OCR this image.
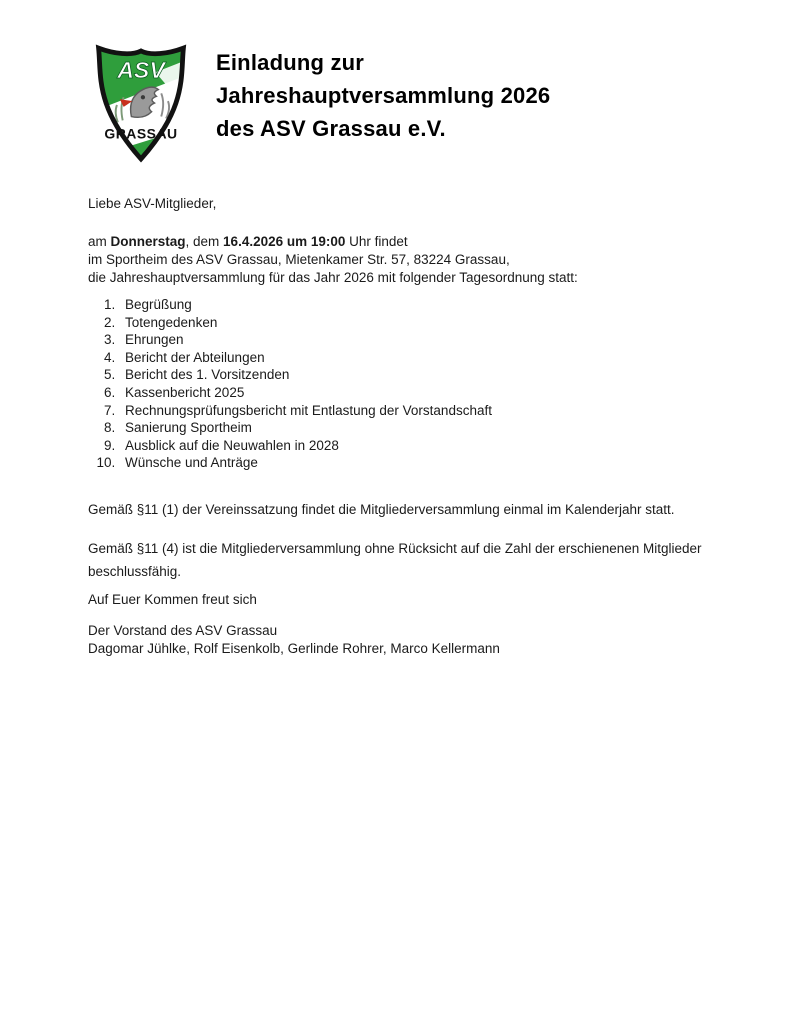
ASV
GRASSAU
Einladung zur
Jahreshauptversammlung 2026
des ASV Grassau e.V.

Liebe ASV-Mitglieder,

am Donnerstag, dem 16.4.2026 um 19:00 Uhr findet
im Sportheim des ASV Grassau, Mietenkamer Str. 57, 83224 Grassau,
die Jahreshauptversammlung für das Jahr 2026 mit folgender Tagesordnung statt:
1. Begrüßung
2. Totengedenken
3. Ehrungen
4. Bericht der Abteilungen
5. Bericht des 1. Vorsitzenden
6. Kassenbericht 2025
7. Rechnungsprüfungsbericht mit Entlastung der Vorstandschaft
8. Sanierung Sportheim
9. Ausblick auf die Neuwahlen in 2028
10. Wünsche und Anträge
Gemäß §11 (1) der Vereinssatzung findet die Mitgliederversammlung einmal im Kalenderjahr statt.
Gemäß §11 (4) ist die Mitgliederversammlung ohne Rücksicht auf die Zahl der erschienenen Mitglieder beschlussfähig.
Auf Euer Kommen freut sich
Der Vorstand des ASV Grassau
Dagomar Jühlke, Rolf Eisenkolb, Gerlinde Rohrer, Marco Kellermann
